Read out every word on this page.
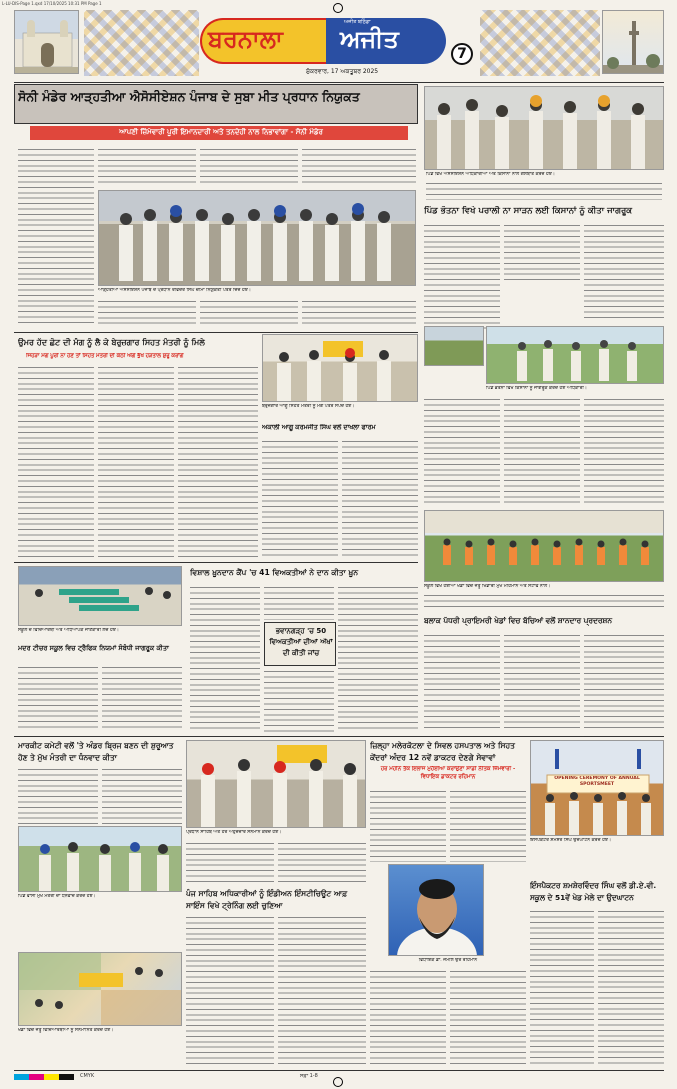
L-LU-DIS-Page 1.qxd 17/10/2025 10:31 PM Page 1
ਬਰਨਾਲਾ
ਅਜੀਤ ਬਠਿੰਡਾ
ਅਜੀਤ
ਸ਼ੁੱਕਰਵਾਰ, 17 ਅਕਤੂਬਰ 2025
7
ਸੋਨੀ ਮੰਡੇਰ ਆੜ੍ਹਤੀਆ ਐਸੋਸੀਏਸ਼ਨ ਪੰਜਾਬ ਦੇ ਸੂਬਾ ਮੀਤ ਪ੍ਰਧਾਨ ਨਿਯੁਕਤ
ਆਪਣੀ ਜ਼ਿੰਮੇਵਾਰੀ ਪੂਰੀ ਇਮਾਨਦਾਰੀ ਅਤੇ ਤਨਦੇਹੀ ਨਾਲ ਨਿਭਾਵਾਂਗਾ - ਸੋਨੀ ਮੰਡੇਰ
ਆੜ੍ਹਤੀਆ ਐਸੋਸੀਏਸ਼ਨ ਪੰਜਾਬ ਦੇ ਪ੍ਰਧਾਨ ਰਵਿੰਦਰ ਸਿੰਘ ਚੀਮਾ ਨਿਯੁਕਤੀ ਪੱਤਰ ਦਿੰਦੇ ਹੋਏ।
ਪਿੰਡ ਵਿਖੇ ਐਸੋਸੀਏਸ਼ਨ ਅਧਿਕਾਰੀਆਂ ਅਤੇ ਕਿਸਾਨਾਂ ਨਾਲ ਗੱਲਬਾਤ ਕਰਦੇ ਹੋਏ।
ਪਿੰਡ ਭੋਤਨਾ ਵਿਖੇ ਪਰਾਲੀ ਨਾ ਸਾੜਨ ਲਈ ਕਿਸਾਨਾਂ ਨੂੰ ਕੀਤਾ ਜਾਗਰੂਕ
ਪਿੰਡ ਭੋਤਨਾ ਵਿਖੇ ਕਿਸਾਨਾਂ ਨੂੰ ਜਾਗਰੂਕ ਕਰਦੇ ਹੋਏ ਅਧਿਕਾਰੀ।
ਉਮਰ ਹੱਦ ਛੋਟ ਦੀ ਮੰਗ ਨੂੰ ਲੈ ਕੇ ਬੇਰੁਜ਼ਗਾਰ ਸਿਹਤ ਮੰਤਰੀ ਨੂੰ ਮਿਲੇ
ਜਿਹੜਾ ਮੰਗ ਪੂਰੀ ਨਾ ਹੋਣ ਤਾਂ ਸਿਹਤ ਮੰਤਰੀ ਦੀ ਕੋਠੀ ਅੱਗੇ ਭੁੱਖ ਹੜਤਾਲ ਸ਼ੁਰੂ ਕਰਾਂਗੇ
ਬੇਰੁਜ਼ਗਾਰ ਆਗੂ ਸਿਹਤ ਮੰਤਰੀ ਨੂੰ ਮੰਗ ਪੱਤਰ ਸੌਂਪਦੇ ਹੋਏ।
ਅਕਾਲੀ ਆਗੂ ਕਰਮਜੀਤ ਸਿੰਘ ਵਲੋਂ ਦਾਖਲਾ ਫਾਰਮ
ਸਕੂਲ ਵਿਖੇ ਹੋਈਆਂ ਖੇਡਾਂ ਵਿਚ ਜੇਤੂ ਖਿਡਾਰੀ ਮੁੱਖ ਮਹਿਮਾਨ ਅਤੇ ਸਟਾਫ ਨਾਲ।
ਸਕੂਲ ਦੇ ਵਿਦਿਆਰਥੀ ਅਤੇ ਅਧਿਆਪਕ ਜਾਣਕਾਰੀ ਲੈਂਦੇ ਹੋਏ।
ਮਦਰ ਟੀਚਰ ਸਕੂਲ ਵਿਚ ਟ੍ਰੈਫਿਕ ਨਿਯਮਾਂ ਸੰਬੰਧੀ ਜਾਗਰੂਕ ਕੀਤਾ
ਵਿਸ਼ਾਲ ਖ਼ੂਨਦਾਨ ਕੈਂਪ 'ਚ 41 ਵਿਅਕਤੀਆਂ ਨੇ ਦਾਨ ਕੀਤਾ ਖ਼ੂਨ
ਭਵਾਨਗੜ੍ਹ 'ਚ 50 ਵਿਅਕਤੀਆਂ ਦੀਆਂ ਅੱਖਾਂ ਦੀ ਕੀਤੀ ਜਾਂਚ
ਬਲਾਕ ਪੱਧਰੀ ਪ੍ਰਾਇਮਰੀ ਖੇਡਾਂ ਵਿਚ ਬੱਚਿਆਂ ਵਲੋਂ ਸ਼ਾਨਦਾਰ ਪ੍ਰਦਰਸ਼ਨ
ਮਾਰਕੀਟ ਕਮੇਟੀ ਵਲੋਂ 'ਤੇ ਅੰਡਰ ਬ੍ਰਿਜ ਬਣਨ ਦੀ ਸ਼ੁਰੂਆਤ ਹੋਣ ਤੇ ਮੁੱਖ ਮੰਤਰੀ ਦਾ ਧੰਨਵਾਦ ਕੀਤਾ
ਪਿੰਡ ਵਾਸੀ ਮੁੱਖ ਮੰਤਰੀ ਦਾ ਧੰਨਵਾਦ ਕਰਦੇ ਹੋਏ।
ਖੇਡਾਂ ਵਿਚ ਜੇਤੂ ਵਿਦਿਆਰਥੀਆਂ ਨੂੰ ਸਨਮਾਨਿਤ ਕਰਦੇ ਹੋਏ।
ਪ੍ਰਧਾਨ ਸਾਹਿਬ ਅਤੇ ਹੋਰ ਅਹੁਦੇਦਾਰ ਸਨਮਾਨ ਕਰਦੇ ਹੋਏ।
ਪੰਜ ਸਾਹਿਬ ਅਧਿਕਾਰੀਆਂ ਨੂੰ ਇੰਡੀਅਨ ਇੰਸਟੀਚਿਊਟ ਆਫ਼ ਸਾਇੰਸ ਵਿਖੇ ਟ੍ਰੇਨਿੰਗ ਲਈ ਚੁਣਿਆ
ਜ਼ਿਲ੍ਹਾ ਮਲੇਰਕੋਟਲਾ ਦੇ ਸਿਵਲ ਹਸਪਤਾਲ ਅਤੇ ਸਿਹਤ ਕੇਂਦਰਾਂ ਅੰਦਰ 12 ਨਵੇਂ ਡਾਕਟਰ ਦੇਣਗੇ ਸੇਵਾਵਾਂ
ਹਰ ਮਹੀਨੇ ਤੱਕ ਇਲਾਜ ਮੁਹੱਈਆ ਕਰਾਉਣਾ ਸਾਡੀ ਨੈਤਿਕ ਜ਼ਿੰਮੇਵਾਰੀ - ਵਿਧਾਇਕ ਡਾਕਟਰ ਰਹਿਮਾਨ
ਵਿਧਾਇਕ ਡਾ. ਜਮੀਲ ਉਰ ਰਹਿਮਾਨ
OPENING CEREMONY OF ANNUAL SPORTSMEET
ਇੰਸਪੈਕਟਰ ਸ਼ਮਸ਼ੇਰ ਸਿੰਘ ਉਦਘਾਟਨ ਕਰਦੇ ਹੋਏ।
ਇੰਸਪੈਕਟਰ ਸ਼ਮਸ਼ੇਰਵਿੰਦਰ ਸਿੰਘ ਵਲੋਂ ਡੀ.ਏ.ਵੀ. ਸਕੂਲ ਦੇ 51ਵੇਂ ਖੇਡ ਮੇਲੇ ਦਾ ਉਦਘਾਟਨ
CMYK	ਸਫ਼ਾ 1-8
